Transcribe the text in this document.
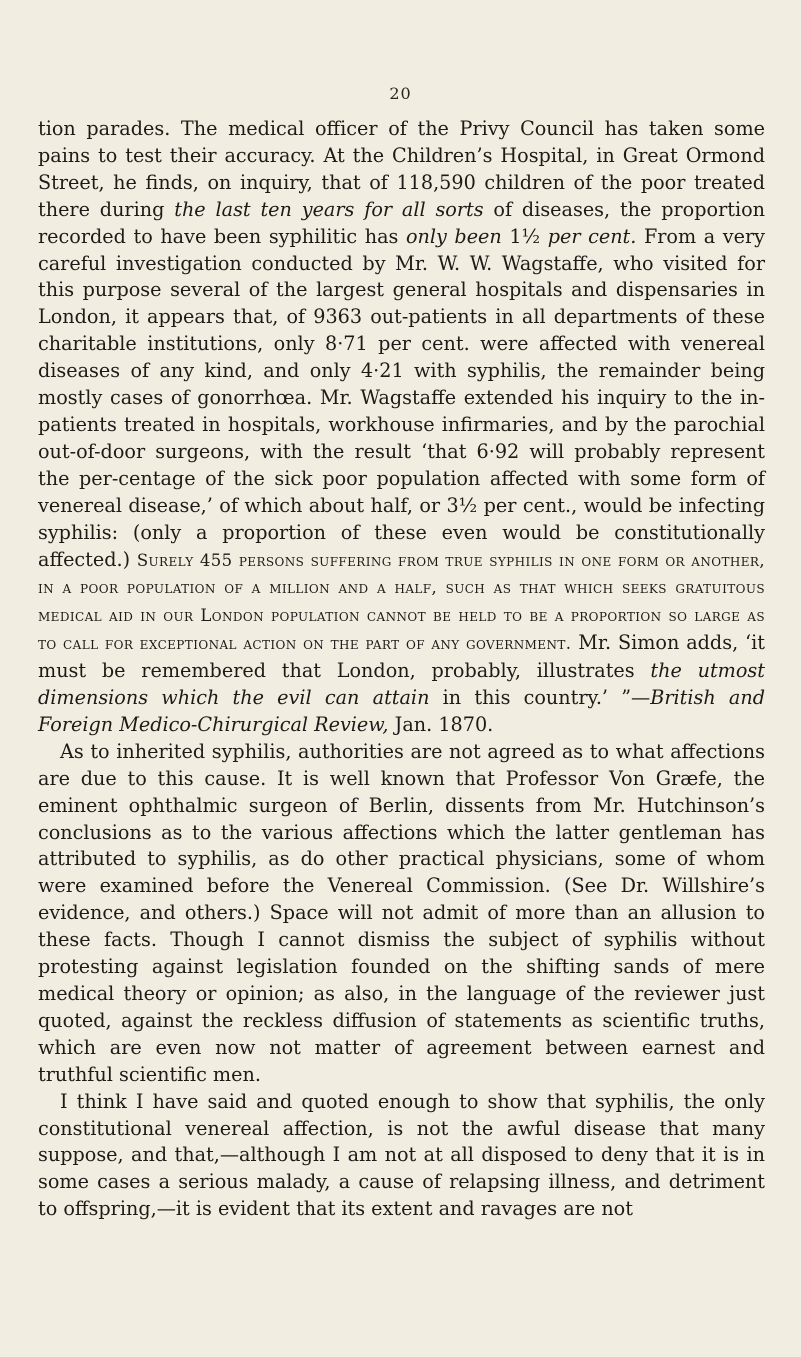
20

tion parades. The medical officer of the Privy Council has taken some pains to test their accuracy. At the Children’s Hospital, in Great Ormond Street, he finds, on inquiry, that of 118,590 children of the poor treated there during the last ten years for all sorts of diseases, the proportion recorded to have been syphilitic has only been 1½ per cent. From a very careful investigation conducted by Mr. W. W. Wagstaffe, who visited for this purpose several of the largest general hospitals and dispensaries in London, it appears that, of 9363 out-patients in all departments of these charitable institutions, only 8·71 per cent. were affected with venereal diseases of any kind, and only 4·21 with syphilis, the remainder being mostly cases of gonorrhœa. Mr. Wagstaffe extended his inquiry to the in-patients treated in hospitals, workhouse infirmaries, and by the parochial out-of-door surgeons, with the result ‘that 6·92 will probably represent the per-centage of the sick poor population affected with some form of venereal disease,’ of which about half, or 3½ per cent., would be infecting syphilis: (only a proportion of these even would be constitutionally affected.) Surely 455 persons suffering from true syphilis in one form or another, in a poor population of a million and a half, such as that which seeks gratuitous medical aid in our London population cannot be held to be a proportion so large as to call for exceptional action on the part of any government. Mr. Simon adds, ‘it must be remembered that London, probably, illustrates the utmost dimensions which the evil can attain in this country.’ ”—British and Foreign Medico-Chirurgical Review, Jan. 1870.

As to inherited syphilis, authorities are not agreed as to what affections are due to this cause. It is well known that Professor Von Græfe, the eminent ophthalmic surgeon of Berlin, dissents from Mr. Hutchinson’s conclusions as to the various affections which the latter gentleman has attributed to syphilis, as do other practical physicians, some of whom were examined before the Venereal Commission. (See Dr. Willshire’s evidence, and others.) Space will not admit of more than an allusion to these facts. Though I cannot dismiss the subject of syphilis without protesting against legislation founded on the shifting sands of mere medical theory or opinion; as also, in the language of the reviewer just quoted, against the reckless diffusion of statements as scientific truths, which are even now not matter of agreement between earnest and truthful scientific men.

I think I have said and quoted enough to show that syphilis, the only constitutional venereal affection, is not the awful disease that many suppose, and that,—although I am not at all disposed to deny that it is in some cases a serious malady, a cause of relapsing illness, and detriment to offspring,—it is evident that its extent and ravages are not
